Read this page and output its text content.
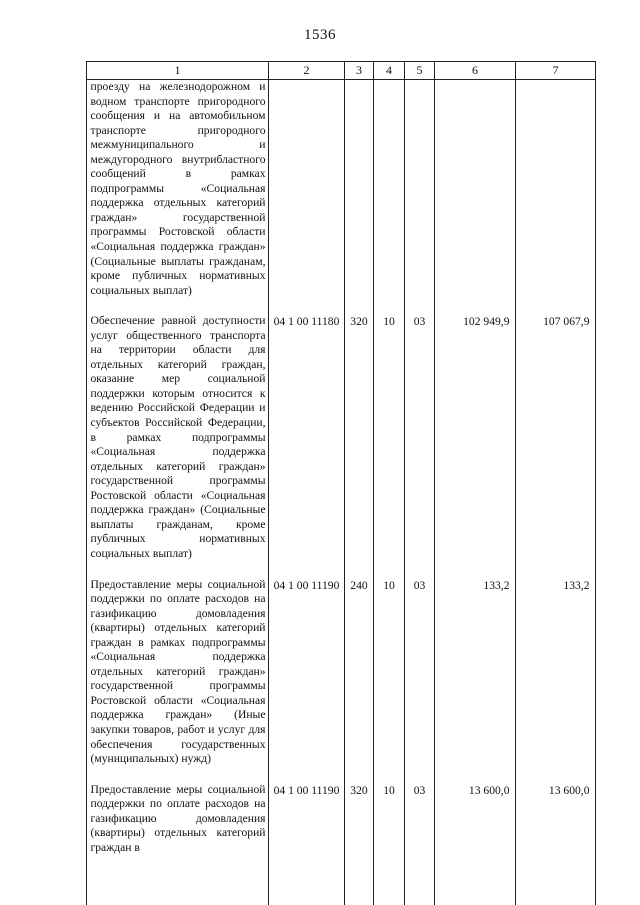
1536
1	2	3	4	5	6	7
проезду на железнодорожном и водном транспорте пригородного сообщения и на автомобильном транспорте пригородного межмуниципального и междугородного внутрибластного сообщений в рамках подпрограммы «Социальная поддержка отдельных категорий граждан» государственной программы Ростовской области «Социальная поддержка граждан» (Социальные выплаты гражданам, кроме публичных нормативных социальных выплат)						
Обеспечение равной доступности услуг общественного транспорта на территории области для отдельных категорий граждан, оказание мер социальной поддержки которым относится к ведению Российской Федерации и субъектов Российской Федерации, в рамках подпрограммы «Социальная поддержка отдельных категорий граждан» государственной программы Ростовской области «Социальная поддержка граждан» (Социальные выплаты гражданам, кроме публичных нормативных социальных выплат)	04 1 00 11180	320	10	03	102 949,9	107 067,9
Предоставление меры социальной поддержки по оплате расходов на газификацию домовладения (квартиры) отдельных категорий граждан в рамках подпрограммы «Социальная поддержка отдельных категорий граждан» государственной программы Ростовской области «Социальная поддержка граждан» (Иные закупки товаров, работ и услуг для обеспечения государственных (муниципальных) нужд)	04 1 00 11190	240	10	03	133,2	133,2
Предоставление меры социальной поддержки по оплате расходов на газификацию домовладения (квартиры) отдельных категорий граждан в	04 1 00 11190	320	10	03	13 600,0	13 600,0
